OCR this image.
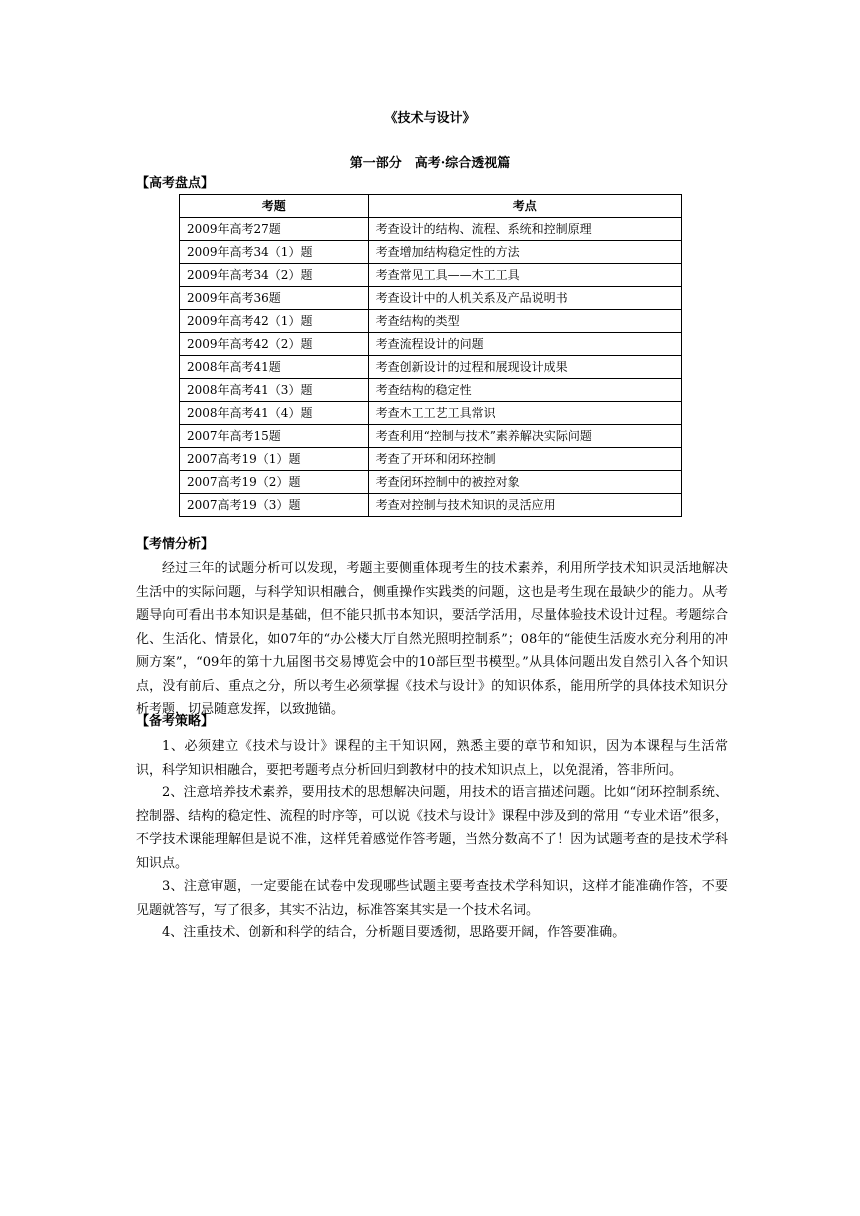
《技术与设计》
第一部分　高考·综合透视篇
【高考盘点】
考题	考点
2009年高考27题	考查设计的结构、流程、系统和控制原理
2009年高考34（1）题	考查增加结构稳定性的方法
2009年高考34（2）题	考查常见工具——木工工具
2009年高考36题	考查设计中的人机关系及产品说明书
2009年高考42（1）题	考查结构的类型
2009年高考42（2）题	考查流程设计的问题
2008年高考41题	考查创新设计的过程和展现设计成果
2008年高考41（3）题	考查结构的稳定性
2008年高考41（4）题	考查木工工艺工具常识
2007年高考15题	考查利用“控制与技术”素养解决实际问题
2007高考19（1）题	考查了开环和闭环控制
2007高考19（2）题	考查闭环控制中的被控对象
2007高考19（3）题	考查对控制与技术知识的灵活应用
【考情分析】

经过三年的试题分析可以发现，考题主要侧重体现考生的技术素养，利用所学技术知识灵活地解决生活中的实际问题，与科学知识相融合，侧重操作实践类的问题，这也是考生现在最缺少的能力。从考题导向可看出书本知识是基础，但不能只抓书本知识，要活学活用，尽量体验技术设计过程。考题综合化、生活化、情景化，如07年的“办公楼大厅自然光照明控制系”；08年的“能使生活废水充分利用的冲厕方案”，“09年的第十九届图书交易博览会中的10部巨型书模型。”从具体问题出发自然引入各个知识点，没有前后、重点之分，所以考生必须掌握《技术与设计》的知识体系，能用所学的具体技术知识分析考题，切忌随意发挥，以致抛锚。

【备考策略】

1、必须建立《技术与设计》课程的主干知识网，熟悉主要的章节和知识，因为本课程与生活常识，科学知识相融合，要把考题考点分析回归到教材中的技术知识点上，以免混淆，答非所问。

2、注意培养技术素养，要用技术的思想解决问题，用技术的语言描述问题。比如“闭环控制系统、控制器、结构的稳定性、流程的时序等，可以说《技术与设计》课程中涉及到的常用 “专业术语”很多，不学技术课能理解但是说不准，这样凭着感觉作答考题，当然分数高不了！因为试题考查的是技术学科知识点。

3、注意审题，一定要能在试卷中发现哪些试题主要考查技术学科知识，这样才能准确作答，不要见题就答写，写了很多，其实不沾边，标准答案其实是一个技术名词。

4、注重技术、创新和科学的结合，分析题目要透彻，思路要开阔，作答要准确。
